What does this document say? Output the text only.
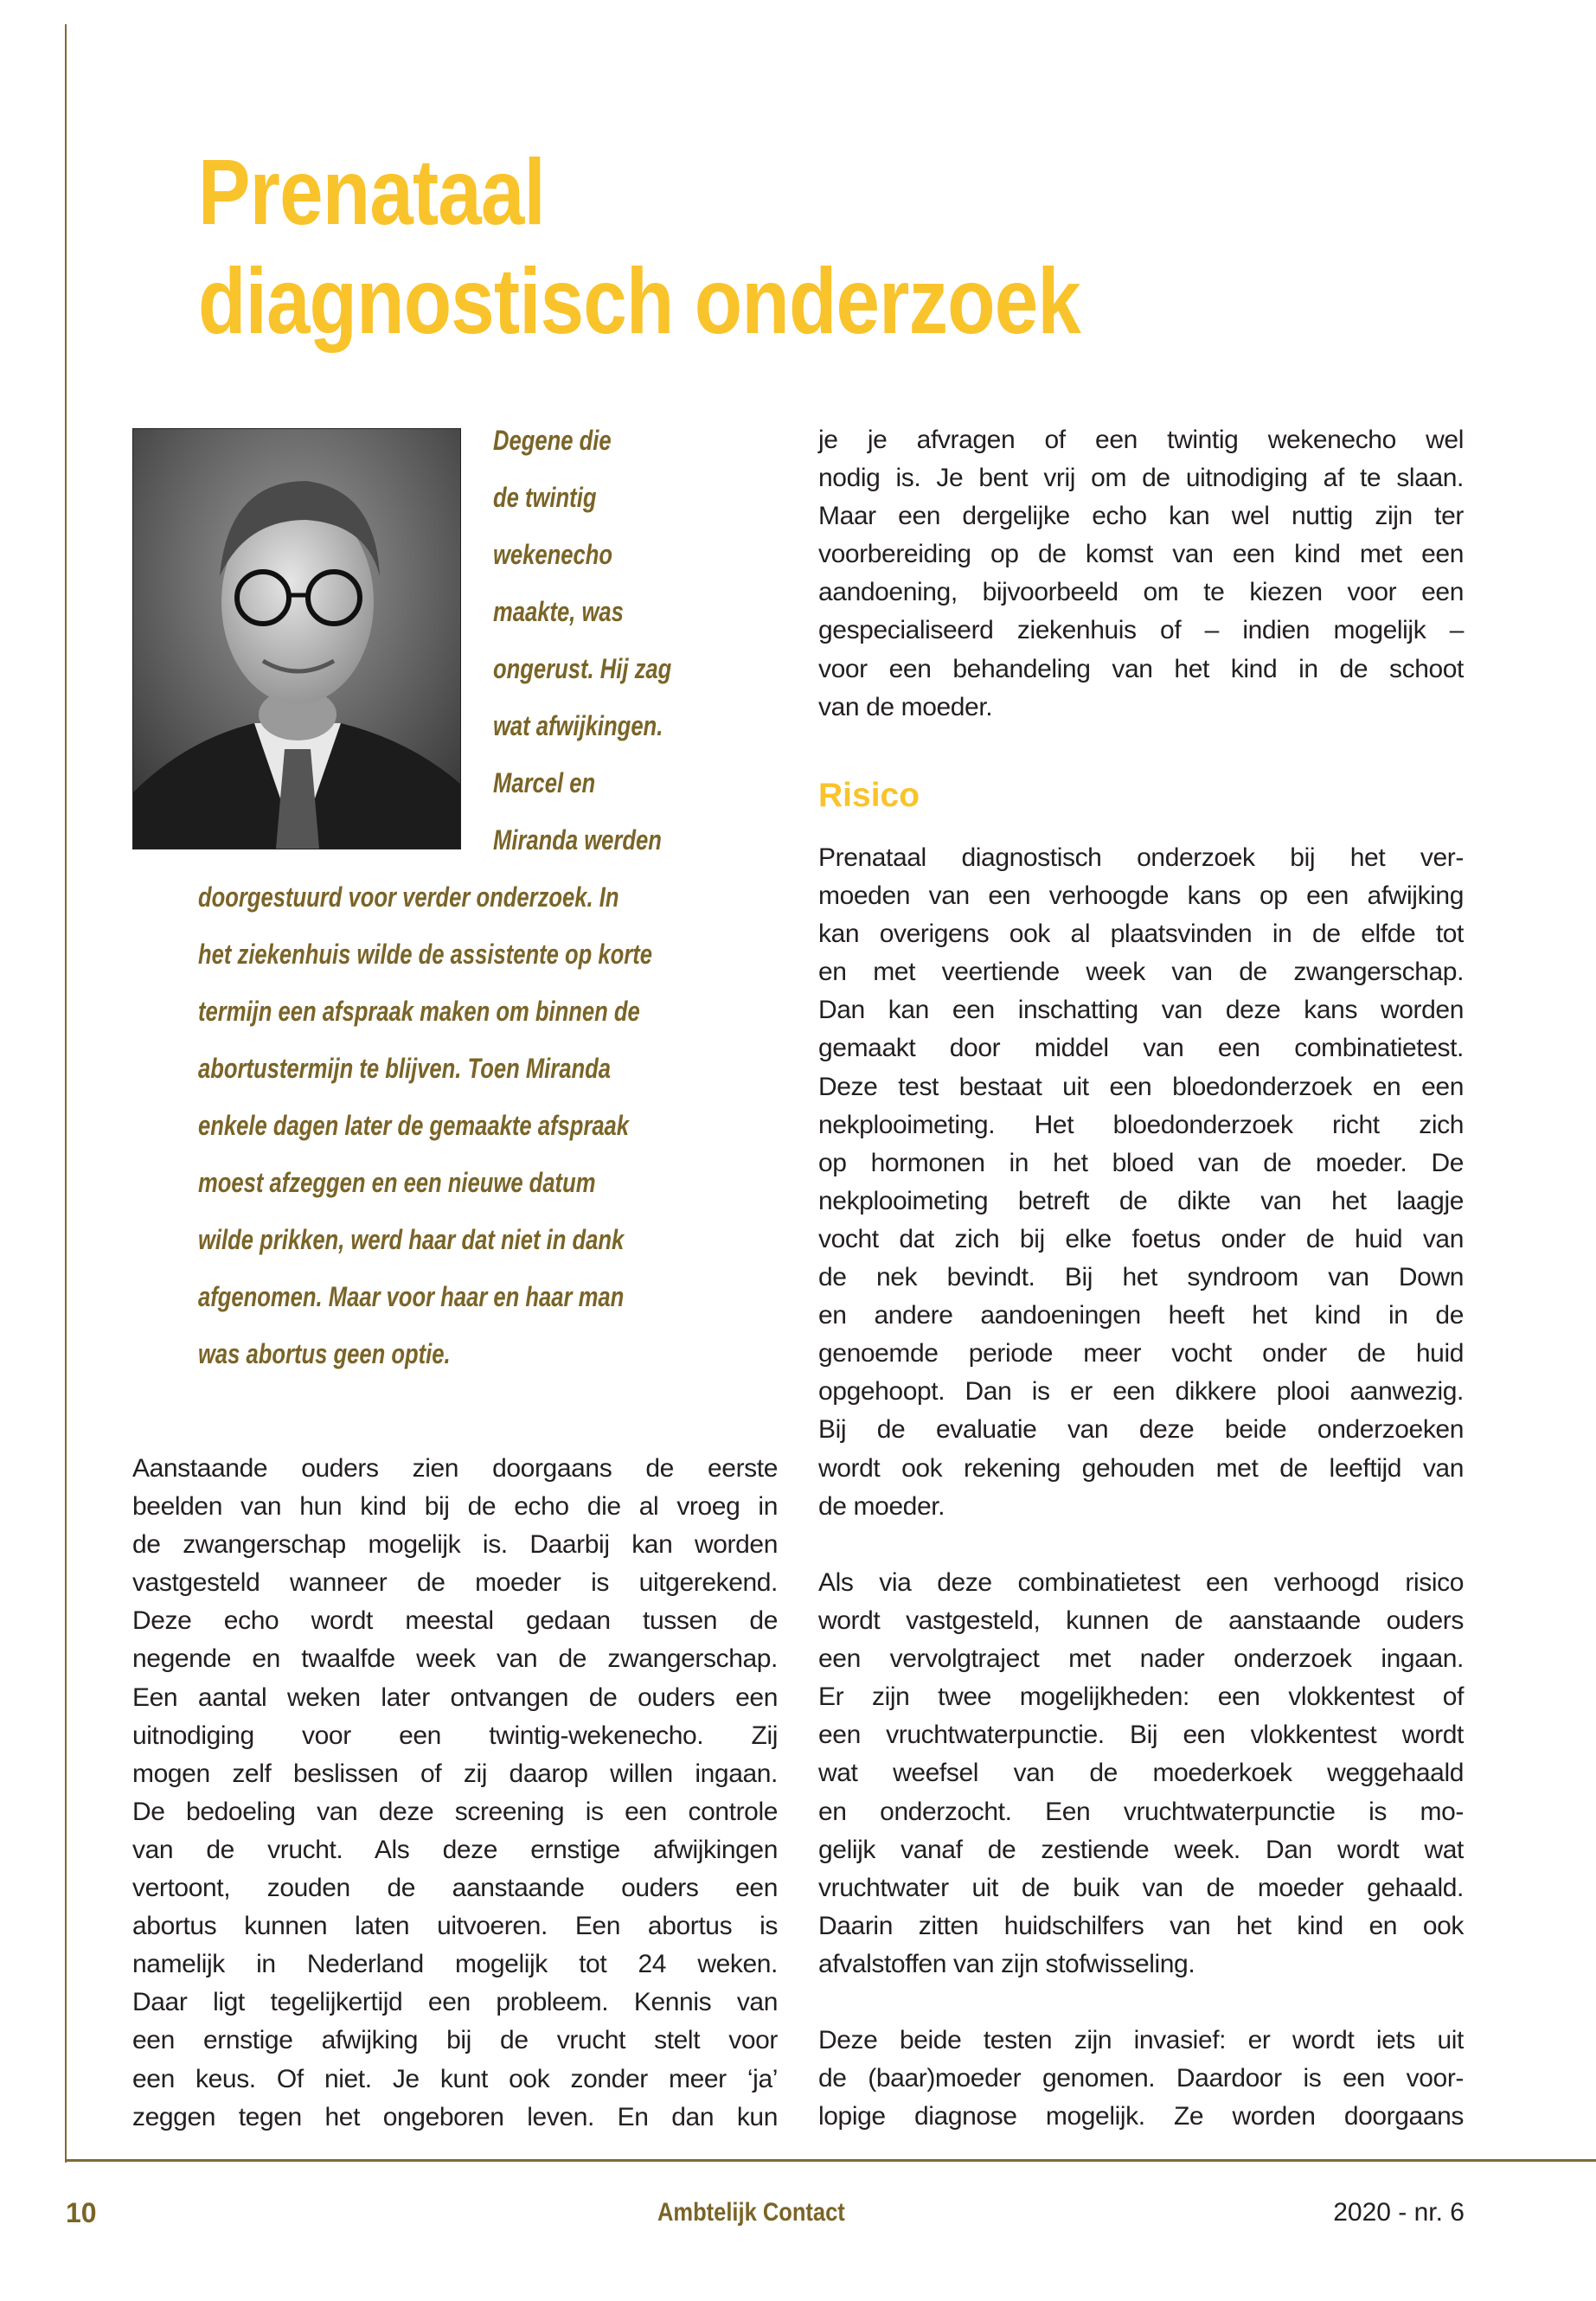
Prenataal
diagnostisch onderzoek
Degene die
de twintig
wekenecho
maakte, was
ongerust. Hij zag
wat afwijkingen.
Marcel en
Miranda werden
doorgestuurd voor verder onderzoek. In
het ziekenhuis wilde de assistente op korte
termijn een afspraak maken om binnen de
abortustermijn te blijven. Toen Miranda
enkele dagen later de gemaakte afspraak
moest afzeggen en een nieuwe datum
wilde prikken, werd haar dat niet in dank
afgenomen. Maar voor haar en haar man
was abortus geen optie.
Aanstaande ouders zien doorgaans de eerste
beelden van hun kind bij de echo die al vroeg in
de zwangerschap mogelijk is. Daarbij kan worden
vastgesteld wanneer de moeder is uitgerekend.
Deze echo wordt meestal gedaan tussen de
negende en twaalfde week van de zwangerschap.
Een aantal weken later ontvangen de ouders een
uitnodiging voor een twintig-wekenecho. Zij
mogen zelf beslissen of zij daarop willen ingaan.
De bedoeling van deze screening is een controle
van de vrucht. Als deze ernstige afwijkingen
vertoont, zouden de aanstaande ouders een
abortus kunnen laten uitvoeren. Een abortus is
namelijk in Nederland mogelijk tot 24 weken.
Daar ligt tegelijkertijd een probleem. Kennis van
een ernstige afwijking bij de vrucht stelt voor
een keus. Of niet. Je kunt ook zonder meer ‘ja’
zeggen tegen het ongeboren leven. En dan kun
je je afvragen of een twintig wekenecho wel
nodig is. Je bent vrij om de uitnodiging af te slaan.
Maar een dergelijke echo kan wel nuttig zijn ter
voorbereiding op de komst van een kind met een
aandoening, bijvoorbeeld om te kiezen voor een
gespecialiseerd ziekenhuis of – indien mogelijk –
voor een behandeling van het kind in de schoot
van de moeder.
Prenataal diagnostisch onderzoek bij het ver-
moeden van een verhoogde kans op een afwijking
kan overigens ook al plaatsvinden in de elfde tot
en met veertiende week van de zwangerschap.
Dan kan een inschatting van deze kans worden
gemaakt door middel van een combinatietest.
Deze test bestaat uit een bloedonderzoek en een
nekplooimeting. Het bloedonderzoek richt zich
op hormonen in het bloed van de moeder. De
nekplooimeting betreft de dikte van het laagje
vocht dat zich bij elke foetus onder de huid van
de nek bevindt. Bij het syndroom van Down
en andere aandoeningen heeft het kind in de
genoemde periode meer vocht onder de huid
opgehoopt. Dan is er een dikkere plooi aanwezig.
Bij de evaluatie van deze beide onderzoeken
wordt ook rekening gehouden met de leeftijd van
de moeder.
Als via deze combinatietest een verhoogd risico
wordt vastgesteld, kunnen de aanstaande ouders
een vervolgtraject met nader onderzoek ingaan.
Er zijn twee mogelijkheden: een vlokkentest of
een vruchtwaterpunctie. Bij een vlokkentest wordt
wat weefsel van de moederkoek weggehaald
en onderzocht. Een vruchtwaterpunctie is mo-
gelijk vanaf de zestiende week. Dan wordt wat
vruchtwater uit de buik van de moeder gehaald.
Daarin zitten huidschilfers van het kind en ook
afvalstoffen van zijn stofwisseling.
Deze beide testen zijn invasief: er wordt iets uit
de (baar)moeder genomen. Daardoor is een voor-
lopige diagnose mogelijk. Ze worden doorgaans
Risico
10	Ambtelijk Contact	2020 - nr. 6
